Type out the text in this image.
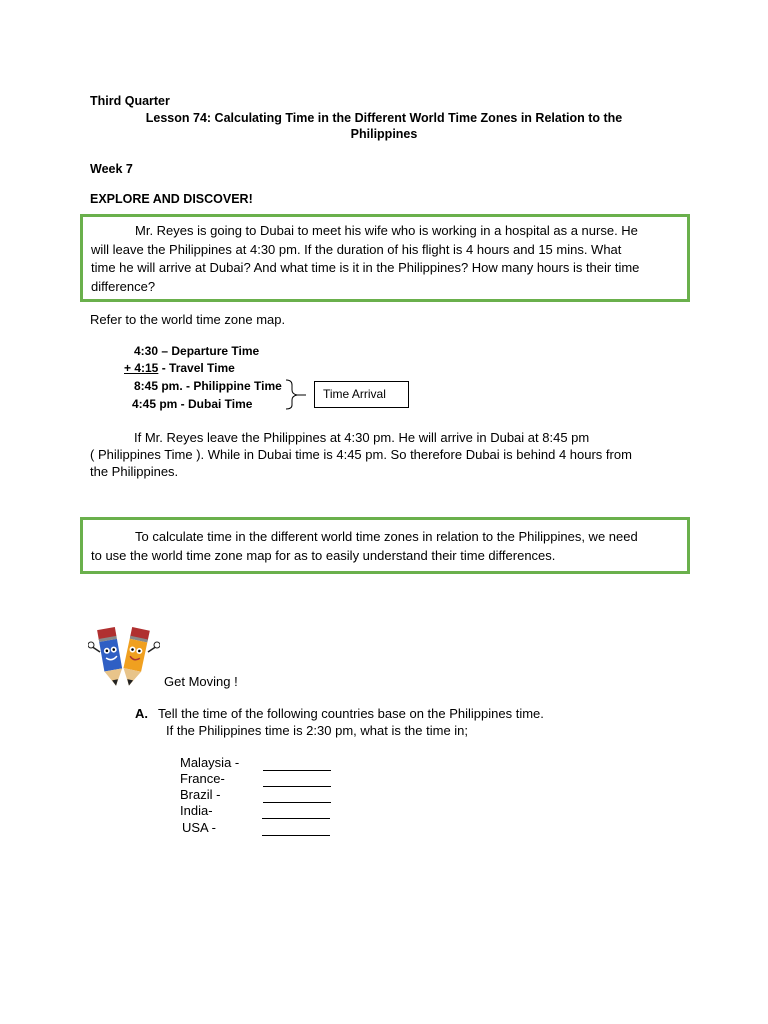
Third Quarter
Lesson 74: Calculating Time in the Different World Time Zones in Relation to the
Philippines
Week 7
EXPLORE AND DISCOVER!
Mr. Reyes is going to Dubai to meet his wife who is working in a hospital as a nurse. He
will leave the Philippines at 4:30 pm. If the duration of his flight is 4 hours and 15 mins. What
time he will arrive at Dubai? And what time is it in the Philippines? How many hours is their time
difference?
Refer to the world time zone map.
4:30 – Departure Time
+ 4:15 - Travel Time
8:45 pm. - Philippine Time
4:45 pm - Dubai Time
Time Arrival
If Mr. Reyes leave the Philippines at 4:30 pm. He will arrive in Dubai at 8:45 pm
( Philippines Time ). While in Dubai time is 4:45 pm. So therefore Dubai is behind 4 hours from
the Philippines.
To calculate time in the different world time zones in relation to the Philippines, we need
to use the world time zone map for as to easily understand their time differences.
Get Moving !
A. Tell the time of the following countries base on the Philippines time.
If the Philippines time is 2:30 pm, what is the time in;
Malaysia -
France-
Brazil -
India-
USA -
